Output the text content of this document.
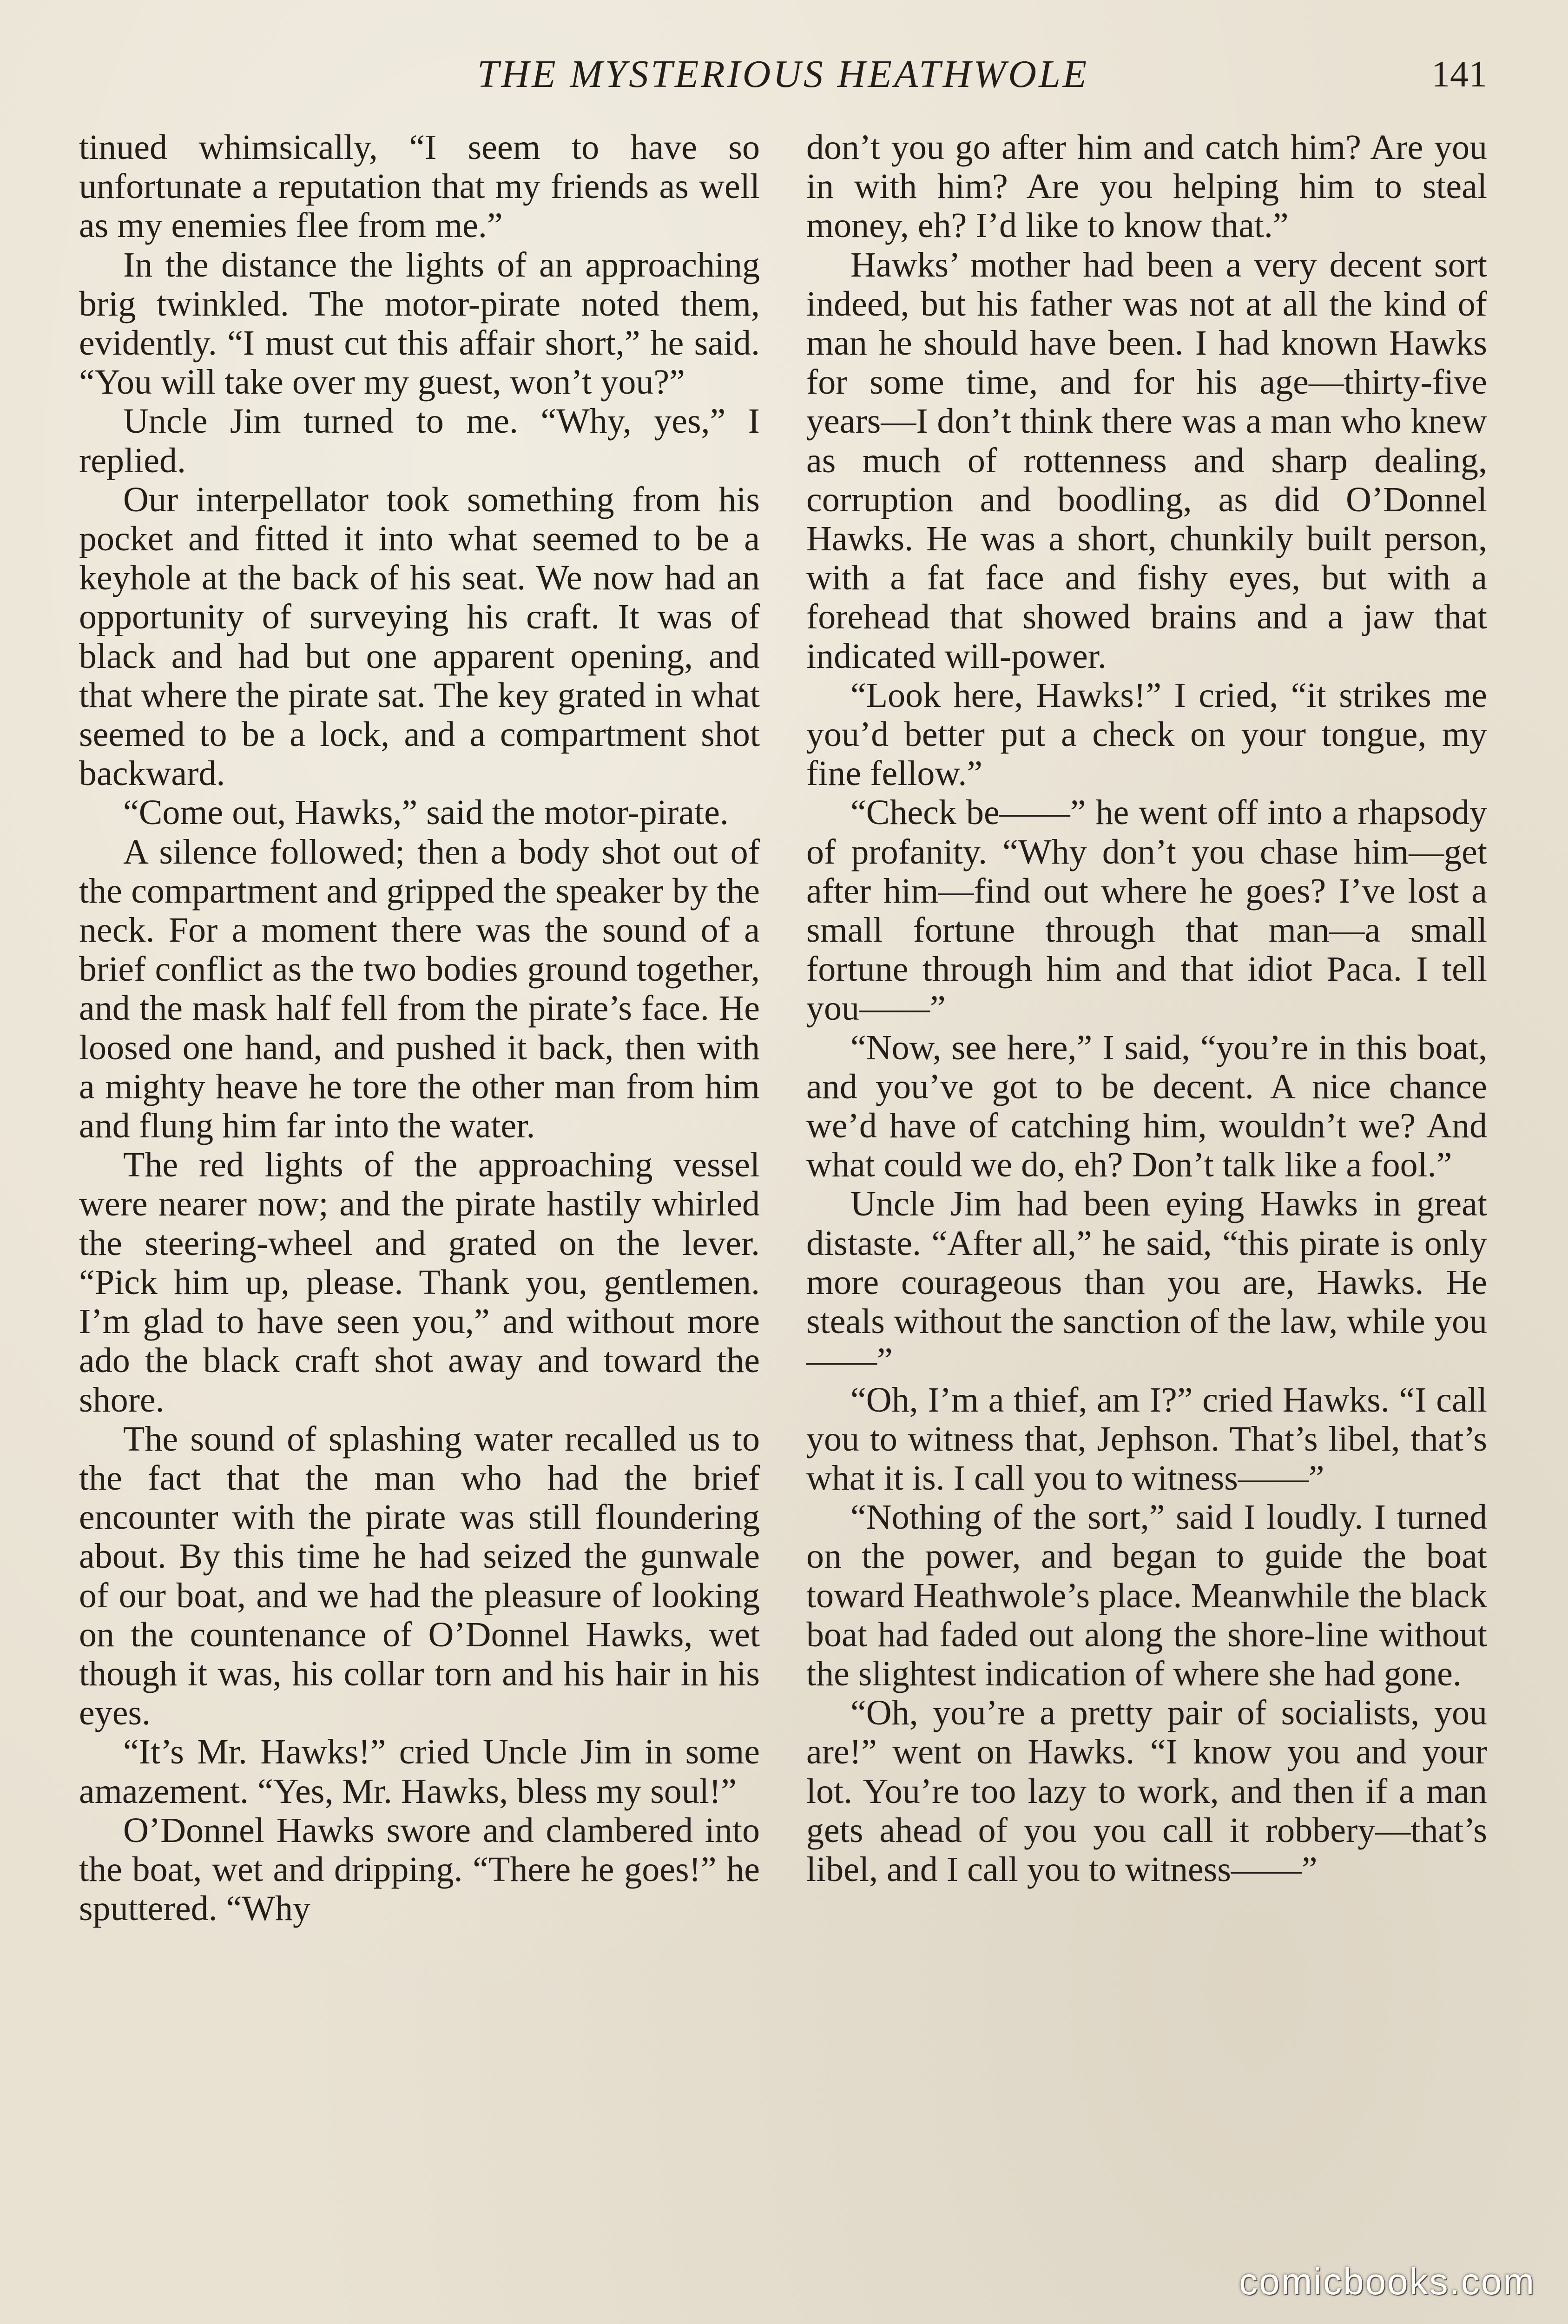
THE MYSTERIOUS HEATHWOLE	141

tinued whimsically, “I seem to have so unfortunate a reputation that my friends as well as my enemies flee from me.”

In the distance the lights of an approaching brig twinkled. The motor-pirate noted them, evidently. “I must cut this affair short,” he said. “You will take over my guest, won’t you?”

Uncle Jim turned to me. “Why, yes,” I replied.

Our interpellator took something from his pocket and fitted it into what seemed to be a keyhole at the back of his seat. We now had an opportunity of surveying his craft. It was of black and had but one apparent opening, and that where the pirate sat. The key grated in what seemed to be a lock, and a compartment shot backward.

“Come out, Hawks,” said the motor-pirate.

A silence followed; then a body shot out of the compartment and gripped the speaker by the neck. For a moment there was the sound of a brief conflict as the two bodies ground together, and the mask half fell from the pirate’s face. He loosed one hand, and pushed it back, then with a mighty heave he tore the other man from him and flung him far into the water.

The red lights of the approaching vessel were nearer now; and the pirate hastily whirled the steering-wheel and grated on the lever. “Pick him up, please. Thank you, gentlemen. I’m glad to have seen you,” and without more ado the black craft shot away and toward the shore.

The sound of splashing water recalled us to the fact that the man who had the brief encounter with the pirate was still floundering about. By this time he had seized the gunwale of our boat, and we had the pleasure of looking on the countenance of O’Donnel Hawks, wet though it was, his collar torn and his hair in his eyes.

“It’s Mr. Hawks!” cried Uncle Jim in some amazement. “Yes, Mr. Hawks, bless my soul!”

O’Donnel Hawks swore and clambered into the boat, wet and dripping. “There he goes!” he sputtered. “Why

don’t you go after him and catch him? Are you in with him? Are you helping him to steal money, eh? I’d like to know that.”

Hawks’ mother had been a very decent sort indeed, but his father was not at all the kind of man he should have been. I had known Hawks for some time, and for his age—thirty-five years—I don’t think there was a man who knew as much of rottenness and sharp dealing, corruption and boodling, as did O’Donnel Hawks. He was a short, chunkily built person, with a fat face and fishy eyes, but with a forehead that showed brains and a jaw that indicated will-power.

“Look here, Hawks!” I cried, “it strikes me you’d better put a check on your tongue, my fine fellow.”

“Check be——” he went off into a rhapsody of profanity. “Why don’t you chase him—get after him—find out where he goes? I’ve lost a small fortune through that man—a small fortune through him and that idiot Paca. I tell you——”

“Now, see here,” I said, “you’re in this boat, and you’ve got to be decent. A nice chance we’d have of catching him, wouldn’t we? And what could we do, eh? Don’t talk like a fool.”

Uncle Jim had been eying Hawks in great distaste. “After all,” he said, “this pirate is only more courageous than you are, Hawks. He steals without the sanction of the law, while you——”

“Oh, I’m a thief, am I?” cried Hawks. “I call you to witness that, Jephson. That’s libel, that’s what it is. I call you to witness——”

“Nothing of the sort,” said I loudly. I turned on the power, and began to guide the boat toward Heathwole’s place. Meanwhile the black boat had faded out along the shore-line without the slightest indication of where she had gone.

“Oh, you’re a pretty pair of socialists, you are!” went on Hawks. “I know you and your lot. You’re too lazy to work, and then if a man gets ahead of you you call it robbery—that’s libel, and I call you to witness——”

comicbooks.com
